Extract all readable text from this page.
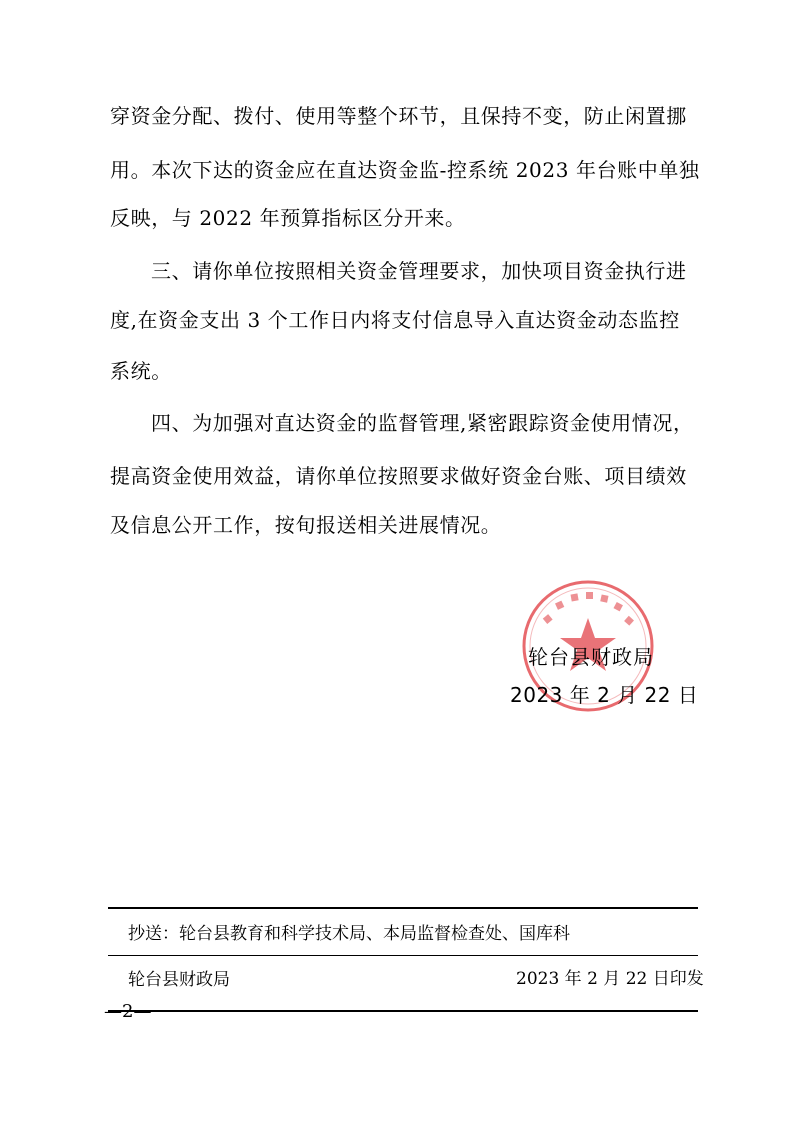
穿资金分配、拨付、使用等整个环节，且保持不变，防止闲置挪
用。本次下达的资金应在直达资金监-控系统 2023 年台账中单独
反映，与 2022 年预算指标区分开来。
三、请你单位按照相关资金管理要求，加快项目资金执行进
度,在资金支出 3 个工作日内将支付信息导入直达资金动态监控
系统。
四、为加强对直达资金的监督管理,紧密跟踪资金使用情况，
提高资金使用效益，请你单位按照要求做好资金台账、项目绩效
及信息公开工作，按旬报送相关进展情况。
轮台县财政局
2023 年 2 月 22 日
抄送：轮台县教育和科学技术局、本局监督检查处、国库科
轮台县财政局	2023 年 2 月 22 日印发
—2—
